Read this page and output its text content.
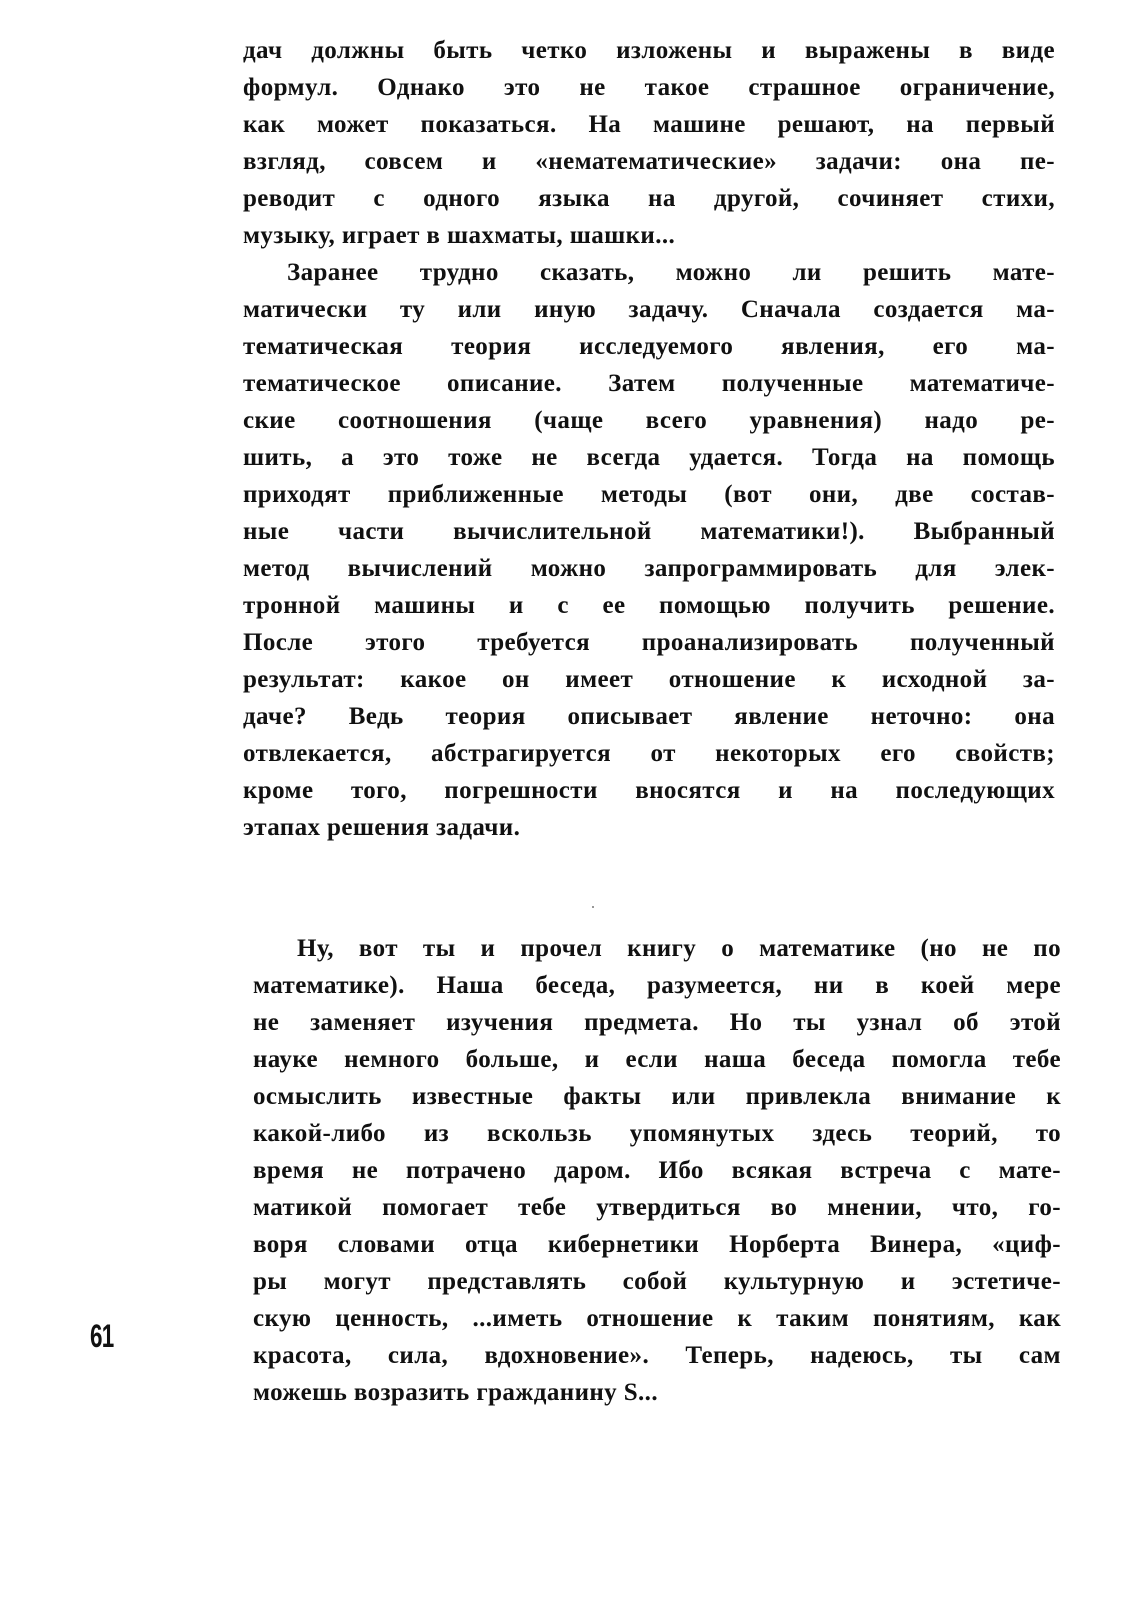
дач должны быть четко изложены и выражены в виде
формул. Однако это не такое страшное ограничение,
как может показаться. На машине решают, на первый
взгляд, совсем и «нематематические» задачи: она пе-
реводит с одного языка на другой, сочиняет стихи,
музыку, играет в шахматы, шашки...
Заранее трудно сказать, можно ли решить мате-
матически ту или иную задачу. Сначала создается ма-
тематическая теория исследуемого явления, его ма-
тематическое описание. Затем полученные математиче-
ские соотношения (чаще всего уравнения) надо ре-
шить, а это тоже не всегда удается. Тогда на помощь
приходят приближенные методы (вот они, две состав-
ные части вычислительной математики!). Выбранный
метод вычислений можно запрограммировать для элек-
тронной машины и с ее помощью получить решение.
После этого требуется проанализировать полученный
результат: какое он имеет отношение к исходной за-
даче? Ведь теория описывает явление неточно: она
отвлекается, абстрагируется от некоторых его свойств;
кроме того, погрешности вносятся и на последующих
этапах решения задачи.
Ну, вот ты и прочел книгу о математике (но не по
математике). Наша беседа, разумеется, ни в коей мере
не заменяет изучения предмета. Но ты узнал об этой
науке немного больше, и если наша беседа помогла тебе
осмыслить известные факты или привлекла внимание к
какой-либо из вскользь упомянутых здесь теорий, то
время не потрачено даром. Ибо всякая встреча с мате-
матикой помогает тебе утвердиться во мнении, что, го-
воря словами отца кибернетики Норберта Винера, «циф-
ры могут представлять собой культурную и эстетиче-
скую ценность, ...иметь отношение к таким понятиям, как
красота, сила, вдохновение». Теперь, надеюсь, ты сам
можешь возразить гражданину S...
61
